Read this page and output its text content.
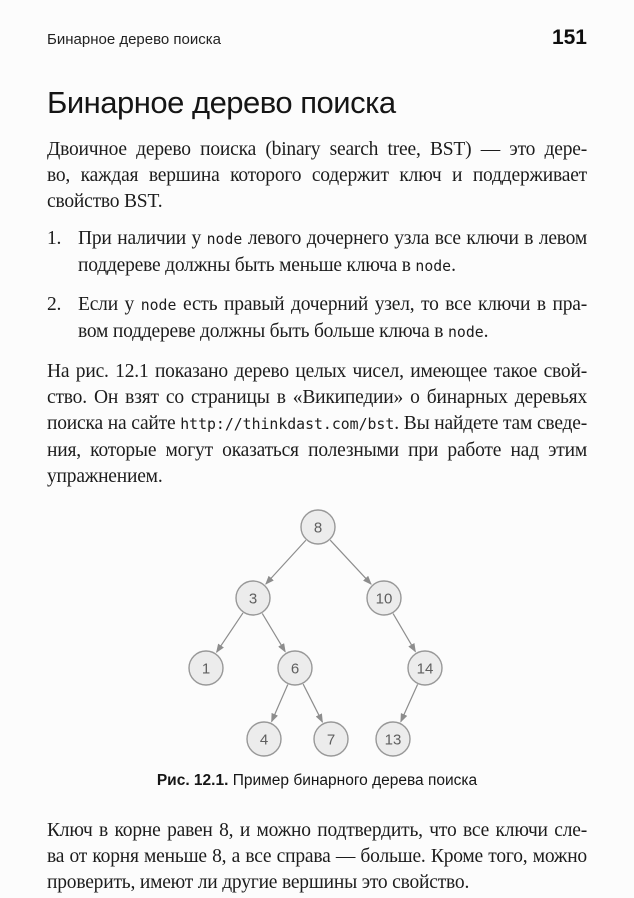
Бинарное дерево поиска	151
Бинарное дерево поиска

Двоичное дерево поиска (binary search tree, BST) — это дере-
во, каждая вершина которого содержит ключ и поддерживает
свойство BST.

1. При наличии у node левого дочернего узла все ключи в левом
поддереве должны быть меньше ключа в node.
2. Если у node есть правый дочерний узел, то все ключи в пра-
вом поддереве должны быть больше ключа в node.

На рис. 12.1 показано дерево целых чисел, имеющее такое свой-
ство. Он взят со страницы в «Википедии» о бинарных деревьях
поиска на сайте http://thinkdast.com/bst. Вы найдете там сведе-
ния, которые могут оказаться полезными при работе над этим
упражнением.

8
3	10
1	6	14
4	7	13
Рис. 12.1. Пример бинарного дерева поиска

Ключ в корне равен 8, и можно подтвердить, что все ключи сле-
ва от корня меньше 8, а все справа — больше. Кроме того, можно
проверить, имеют ли другие вершины это свойство.
